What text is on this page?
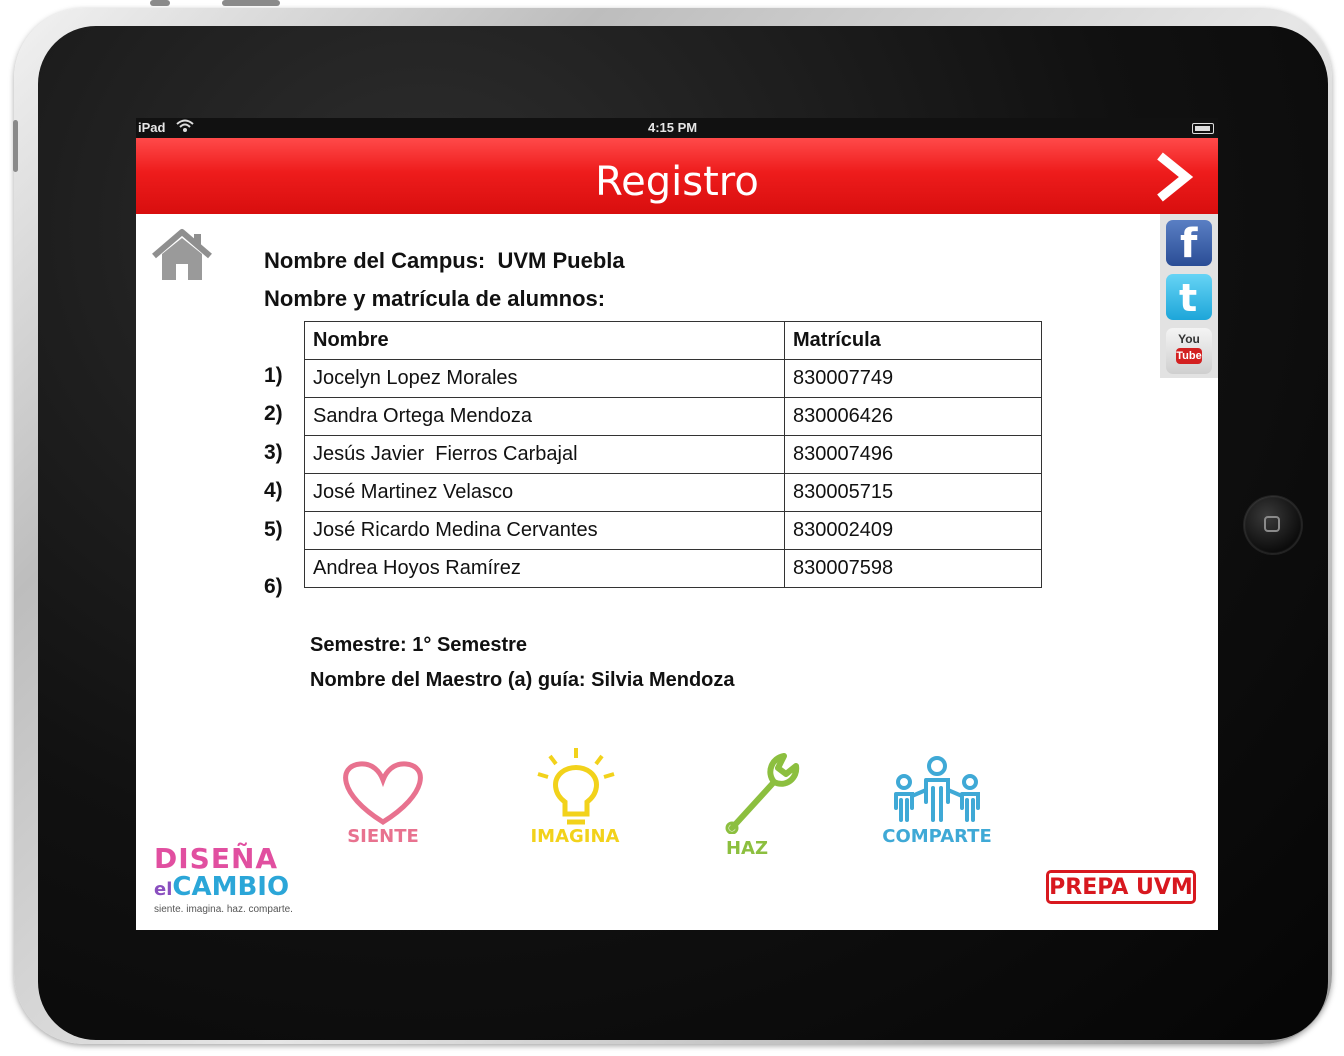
iPad	4:15 PM
Registro
f
t
You
Tube
Nombre del Campus: UVM Puebla
Nombre y matrícula de alumnos:
1)
2)
3)
4)
5)
6)
Nombre	Matrícula
Jocelyn Lopez Morales	830007749
Sandra Ortega Mendoza	830006426
Jesús Javier  Fierros Carbajal	830007496
José Martinez Velasco	830005715
José Ricardo Medina Cervantes	830002409
Andrea Hoyos Ramírez	830007598
Semestre: 1° Semestre
Nombre del Maestro (a) guía: Silvia Mendoza
SIENTE	IMAGINA
HAZ
COMPARTE
DISEÑA
elCAMBIO
siente. imagina. haz. comparte.
PREPA UVM
